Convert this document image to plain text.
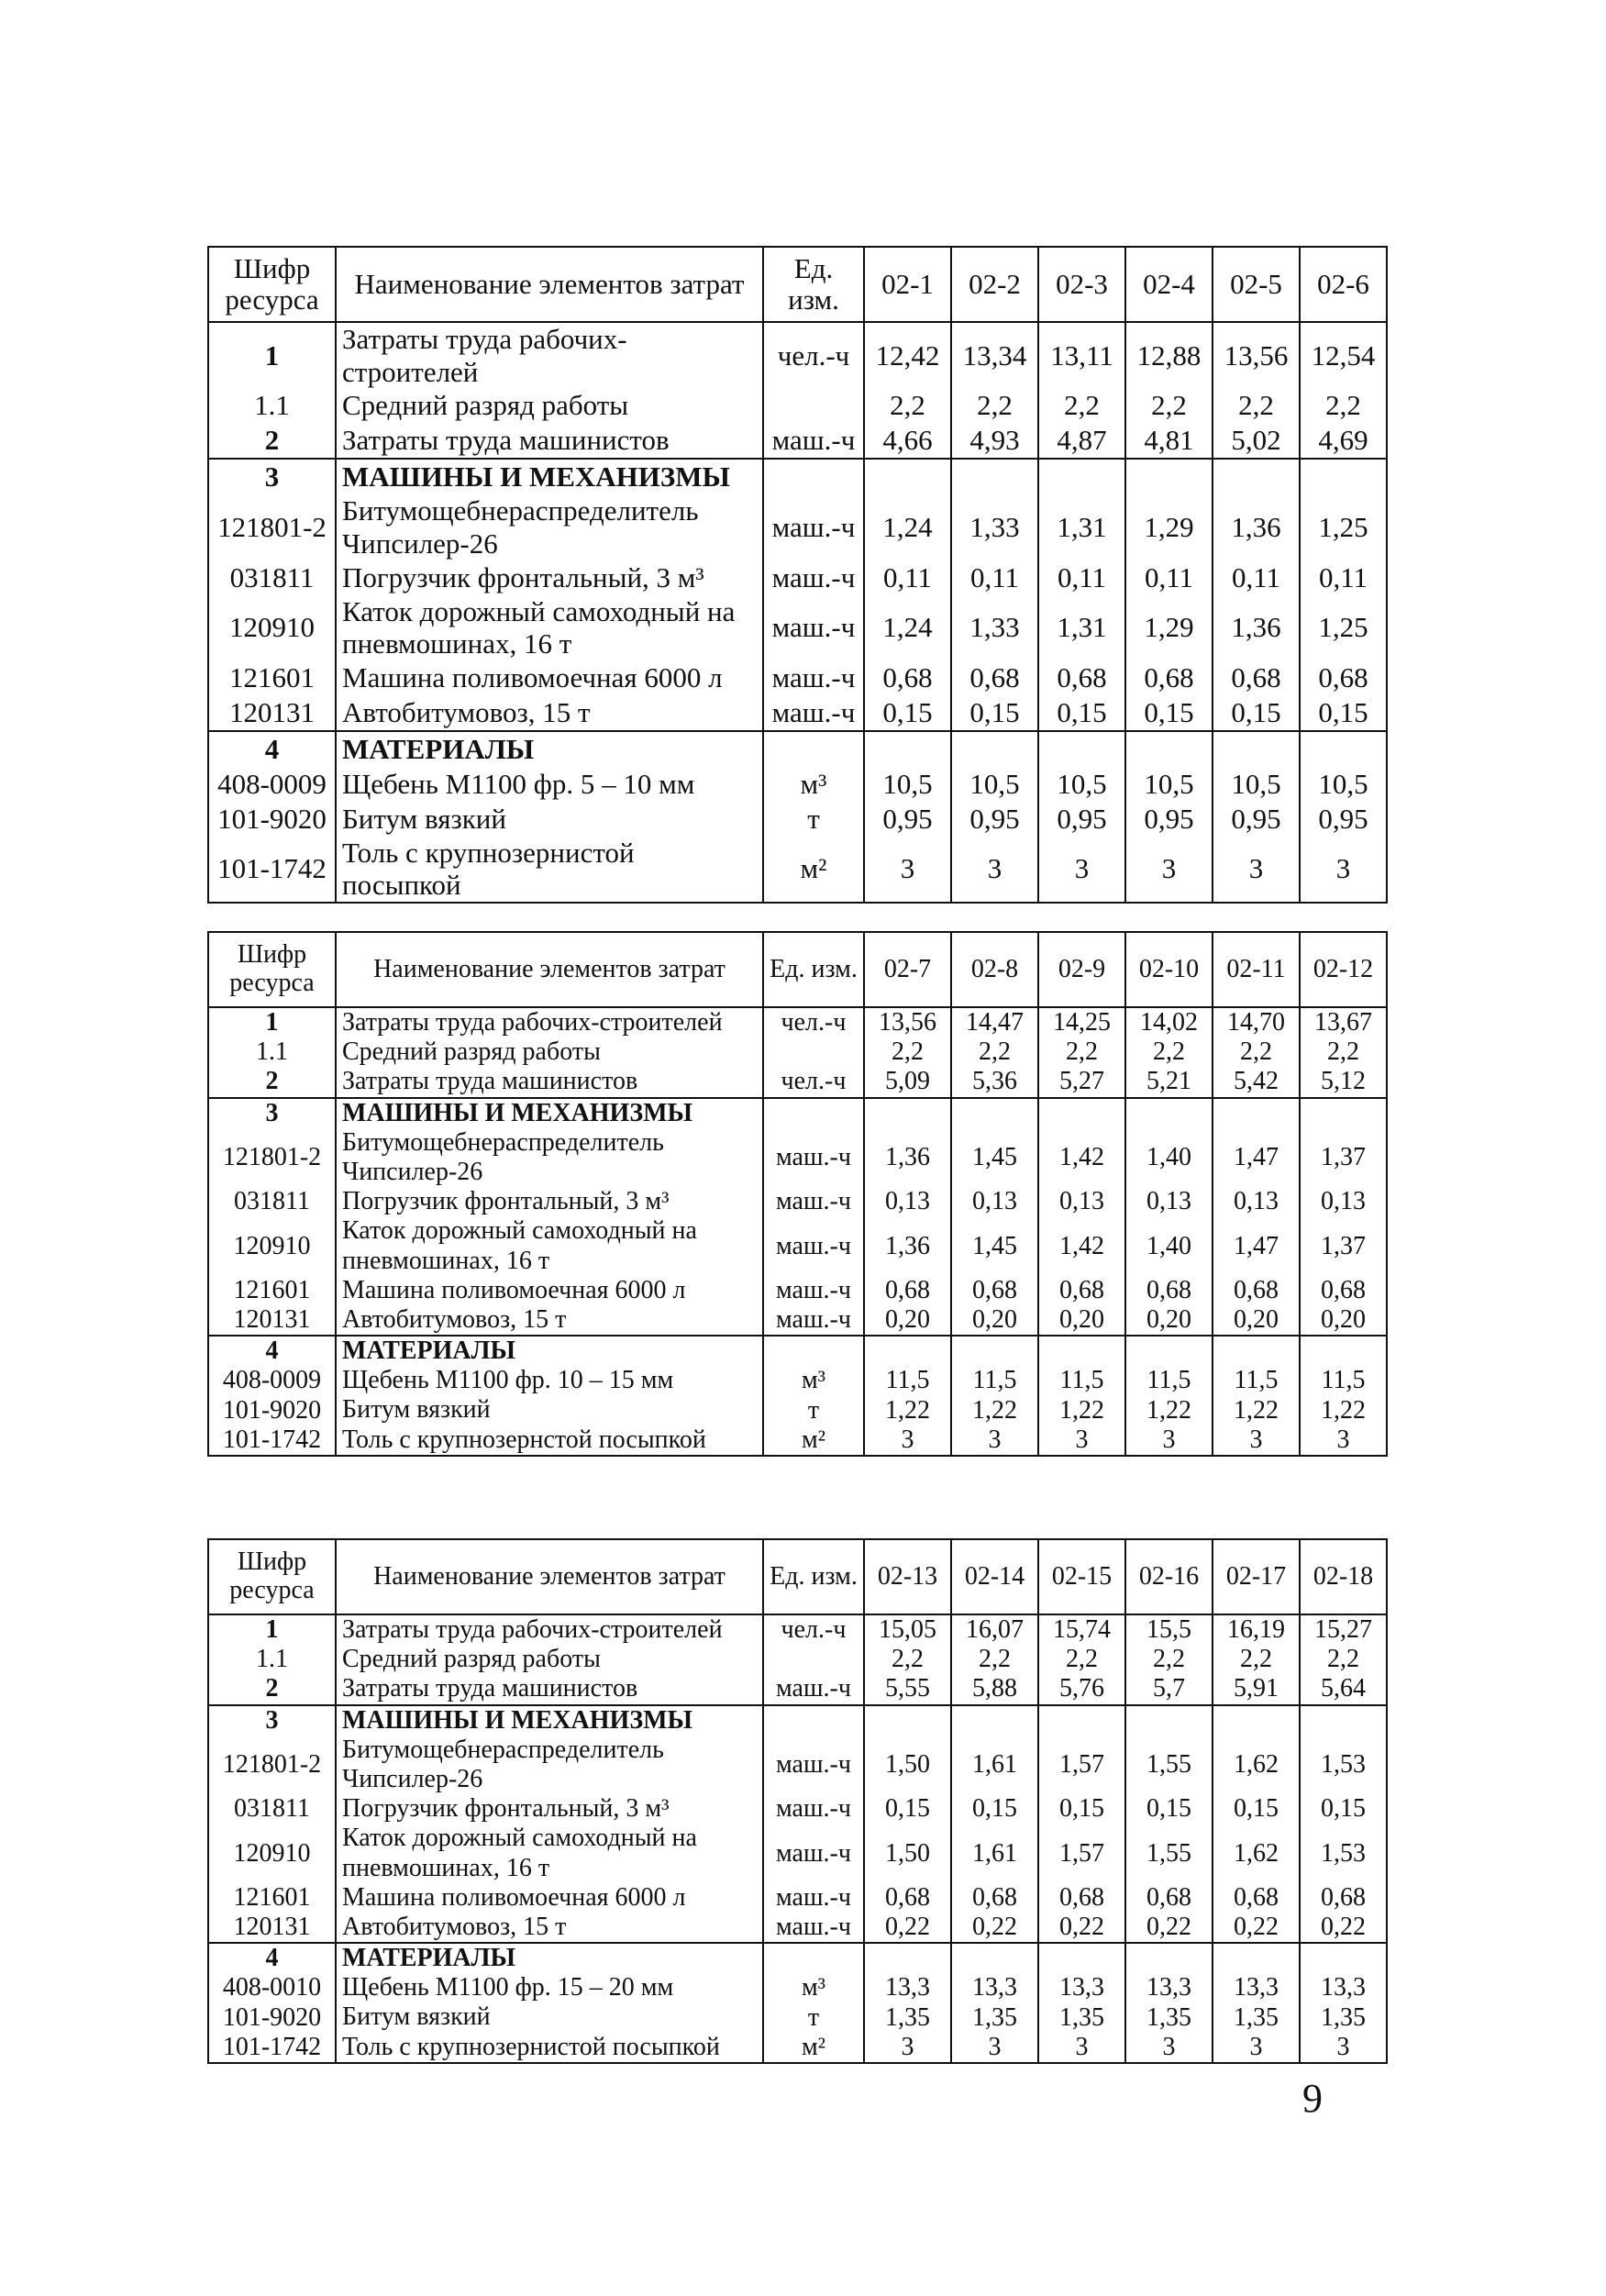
Шифр ресурса	Наименование элементов затрат	Ед. изм.	02-1	02-2	02-3	02-4	02-5	02-6
1	Затраты труда рабочих-строителей	чел.-ч	12,42	13,34	13,11	12,88	13,56	12,54
1.1	Средний разряд работы		2,2	2,2	2,2	2,2	2,2	2,2
2	Затраты труда машинистов	маш.-ч	4,66	4,93	4,87	4,81	5,02	4,69
3	МАШИНЫ И МЕХАНИЗМЫ							
121801-2	Битумощебнераспределитель Чипсилер-26	маш.-ч	1,24	1,33	1,31	1,29	1,36	1,25
031811	Погрузчик фронтальный, 3 м³	маш.-ч	0,11	0,11	0,11	0,11	0,11	0,11
120910	Каток дорожный самоходный на пневмошинах, 16 т	маш.-ч	1,24	1,33	1,31	1,29	1,36	1,25
121601	Машина поливомоечная 6000 л	маш.-ч	0,68	0,68	0,68	0,68	0,68	0,68
120131	Автобитумовоз, 15 т	маш.-ч	0,15	0,15	0,15	0,15	0,15	0,15
4	МАТЕРИАЛЫ							
408-0009	Щебень М1100 фр. 5 – 10 мм	м³	10,5	10,5	10,5	10,5	10,5	10,5
101-9020	Битум вязкий	т	0,95	0,95	0,95	0,95	0,95	0,95
101-1742	Толь с крупнозернистой посыпкой	м²	3	3	3	3	3	3
Шифр ресурса	Наименование элементов затрат	Ед. изм.	02-7	02-8	02-9	02-10	02-11	02-12
1	Затраты труда рабочих-строителей	чел.-ч	13,56	14,47	14,25	14,02	14,70	13,67
1.1	Средний разряд работы		2,2	2,2	2,2	2,2	2,2	2,2
2	Затраты труда машинистов	чел.-ч	5,09	5,36	5,27	5,21	5,42	5,12
3	МАШИНЫ И МЕХАНИЗМЫ							
121801-2	Битумощебнераспределитель Чипсилер-26	маш.-ч	1,36	1,45	1,42	1,40	1,47	1,37
031811	Погрузчик фронтальный, 3 м³	маш.-ч	0,13	0,13	0,13	0,13	0,13	0,13
120910	Каток дорожный самоходный на пневмошинах, 16 т	маш.-ч	1,36	1,45	1,42	1,40	1,47	1,37
121601	Машина поливомоечная 6000 л	маш.-ч	0,68	0,68	0,68	0,68	0,68	0,68
120131	Автобитумовоз, 15 т	маш.-ч	0,20	0,20	0,20	0,20	0,20	0,20
4	МАТЕРИАЛЫ							
408-0009	Щебень М1100 фр. 10 – 15 мм	м³	11,5	11,5	11,5	11,5	11,5	11,5
101-9020	Битум вязкий	т	1,22	1,22	1,22	1,22	1,22	1,22
101-1742	Толь с крупнозернстой посыпкой	м²	3	3	3	3	3	3
Шифр ресурса	Наименование элементов затрат	Ед. изм.	02-13	02-14	02-15	02-16	02-17	02-18
1	Затраты труда рабочих-строителей	чел.-ч	15,05	16,07	15,74	15,5	16,19	15,27
1.1	Средний разряд работы		2,2	2,2	2,2	2,2	2,2	2,2
2	Затраты труда машинистов	маш.-ч	5,55	5,88	5,76	5,7	5,91	5,64
3	МАШИНЫ И МЕХАНИЗМЫ							
121801-2	Битумощебнераспределитель Чипсилер-26	маш.-ч	1,50	1,61	1,57	1,55	1,62	1,53
031811	Погрузчик фронтальный, 3 м³	маш.-ч	0,15	0,15	0,15	0,15	0,15	0,15
120910	Каток дорожный самоходный на пневмошинах, 16 т	маш.-ч	1,50	1,61	1,57	1,55	1,62	1,53
121601	Машина поливомоечная 6000 л	маш.-ч	0,68	0,68	0,68	0,68	0,68	0,68
120131	Автобитумовоз, 15 т	маш.-ч	0,22	0,22	0,22	0,22	0,22	0,22
4	МАТЕРИАЛЫ							
408-0010	Щебень М1100 фр. 15 – 20 мм	м³	13,3	13,3	13,3	13,3	13,3	13,3
101-9020	Битум вязкий	т	1,35	1,35	1,35	1,35	1,35	1,35
101-1742	Толь с крупнозернистой посыпкой	м²	3	3	3	3	3	3
9
